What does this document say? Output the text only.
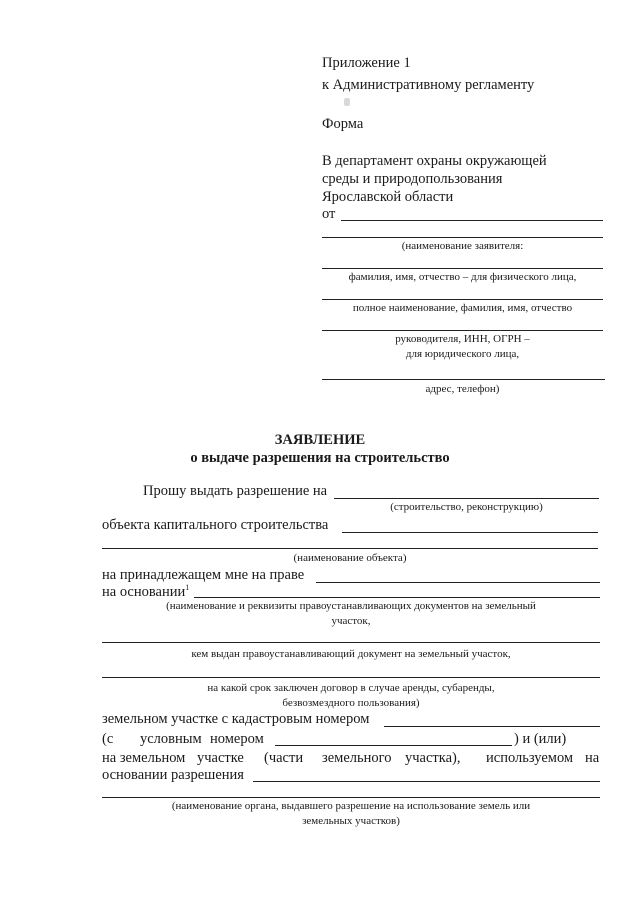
Приложение 1
к Административному регламенту
Форма
В департамент охраны окружающей
среды и природопользования
Ярославской области
от
(наименование заявителя:
фамилия, имя, отчество – для физического лица,
полное наименование, фамилия, имя, отчество
руководителя, ИНН, ОГРН –
для юридического лица,
адрес, телефон)
ЗАЯВЛЕНИЕ
о выдаче разрешения на строительство
Прошу выдать разрешение на
(строительство, реконструкцию)
объекта капитального строительства
(наименование объекта)
на принадлежащем мне на праве
на основании$^1$
(наименование и реквизиты правоустанавливающих документов на земельный
участок,
кем выдан правоустанавливающий документ на земельный участок,
на какой срок заключен договор в случае аренды, субаренды,
безвозмездного пользования)
земельном участке с кадастровым номером
(с условным номером	) и (или)
на земельном участке (части земельного участка), используемом на
основании разрешения
(наименование органа, выдавшего разрешение на использование земель или
земельных участков)
